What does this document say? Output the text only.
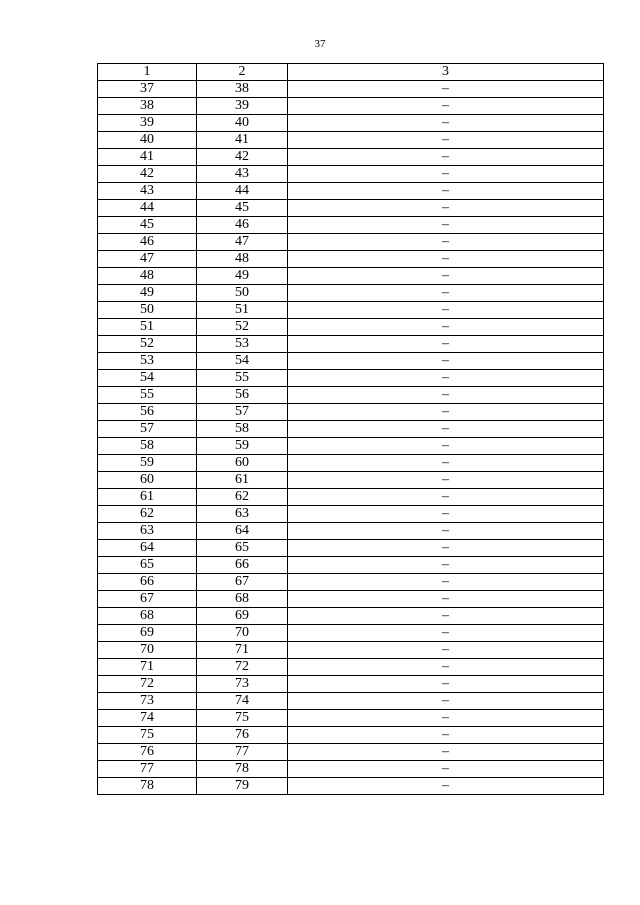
37
1	2	3
37	38	–
38	39	–
39	40	–
40	41	–
41	42	–
42	43	–
43	44	–
44	45	–
45	46	–
46	47	–
47	48	–
48	49	–
49	50	–
50	51	–
51	52	–
52	53	–
53	54	–
54	55	–
55	56	–
56	57	–
57	58	–
58	59	–
59	60	–
60	61	–
61	62	–
62	63	–
63	64	–
64	65	–
65	66	–
66	67	–
67	68	–
68	69	–
69	70	–
70	71	–
71	72	–
72	73	–
73	74	–
74	75	–
75	76	–
76	77	–
77	78	–
78	79	–
